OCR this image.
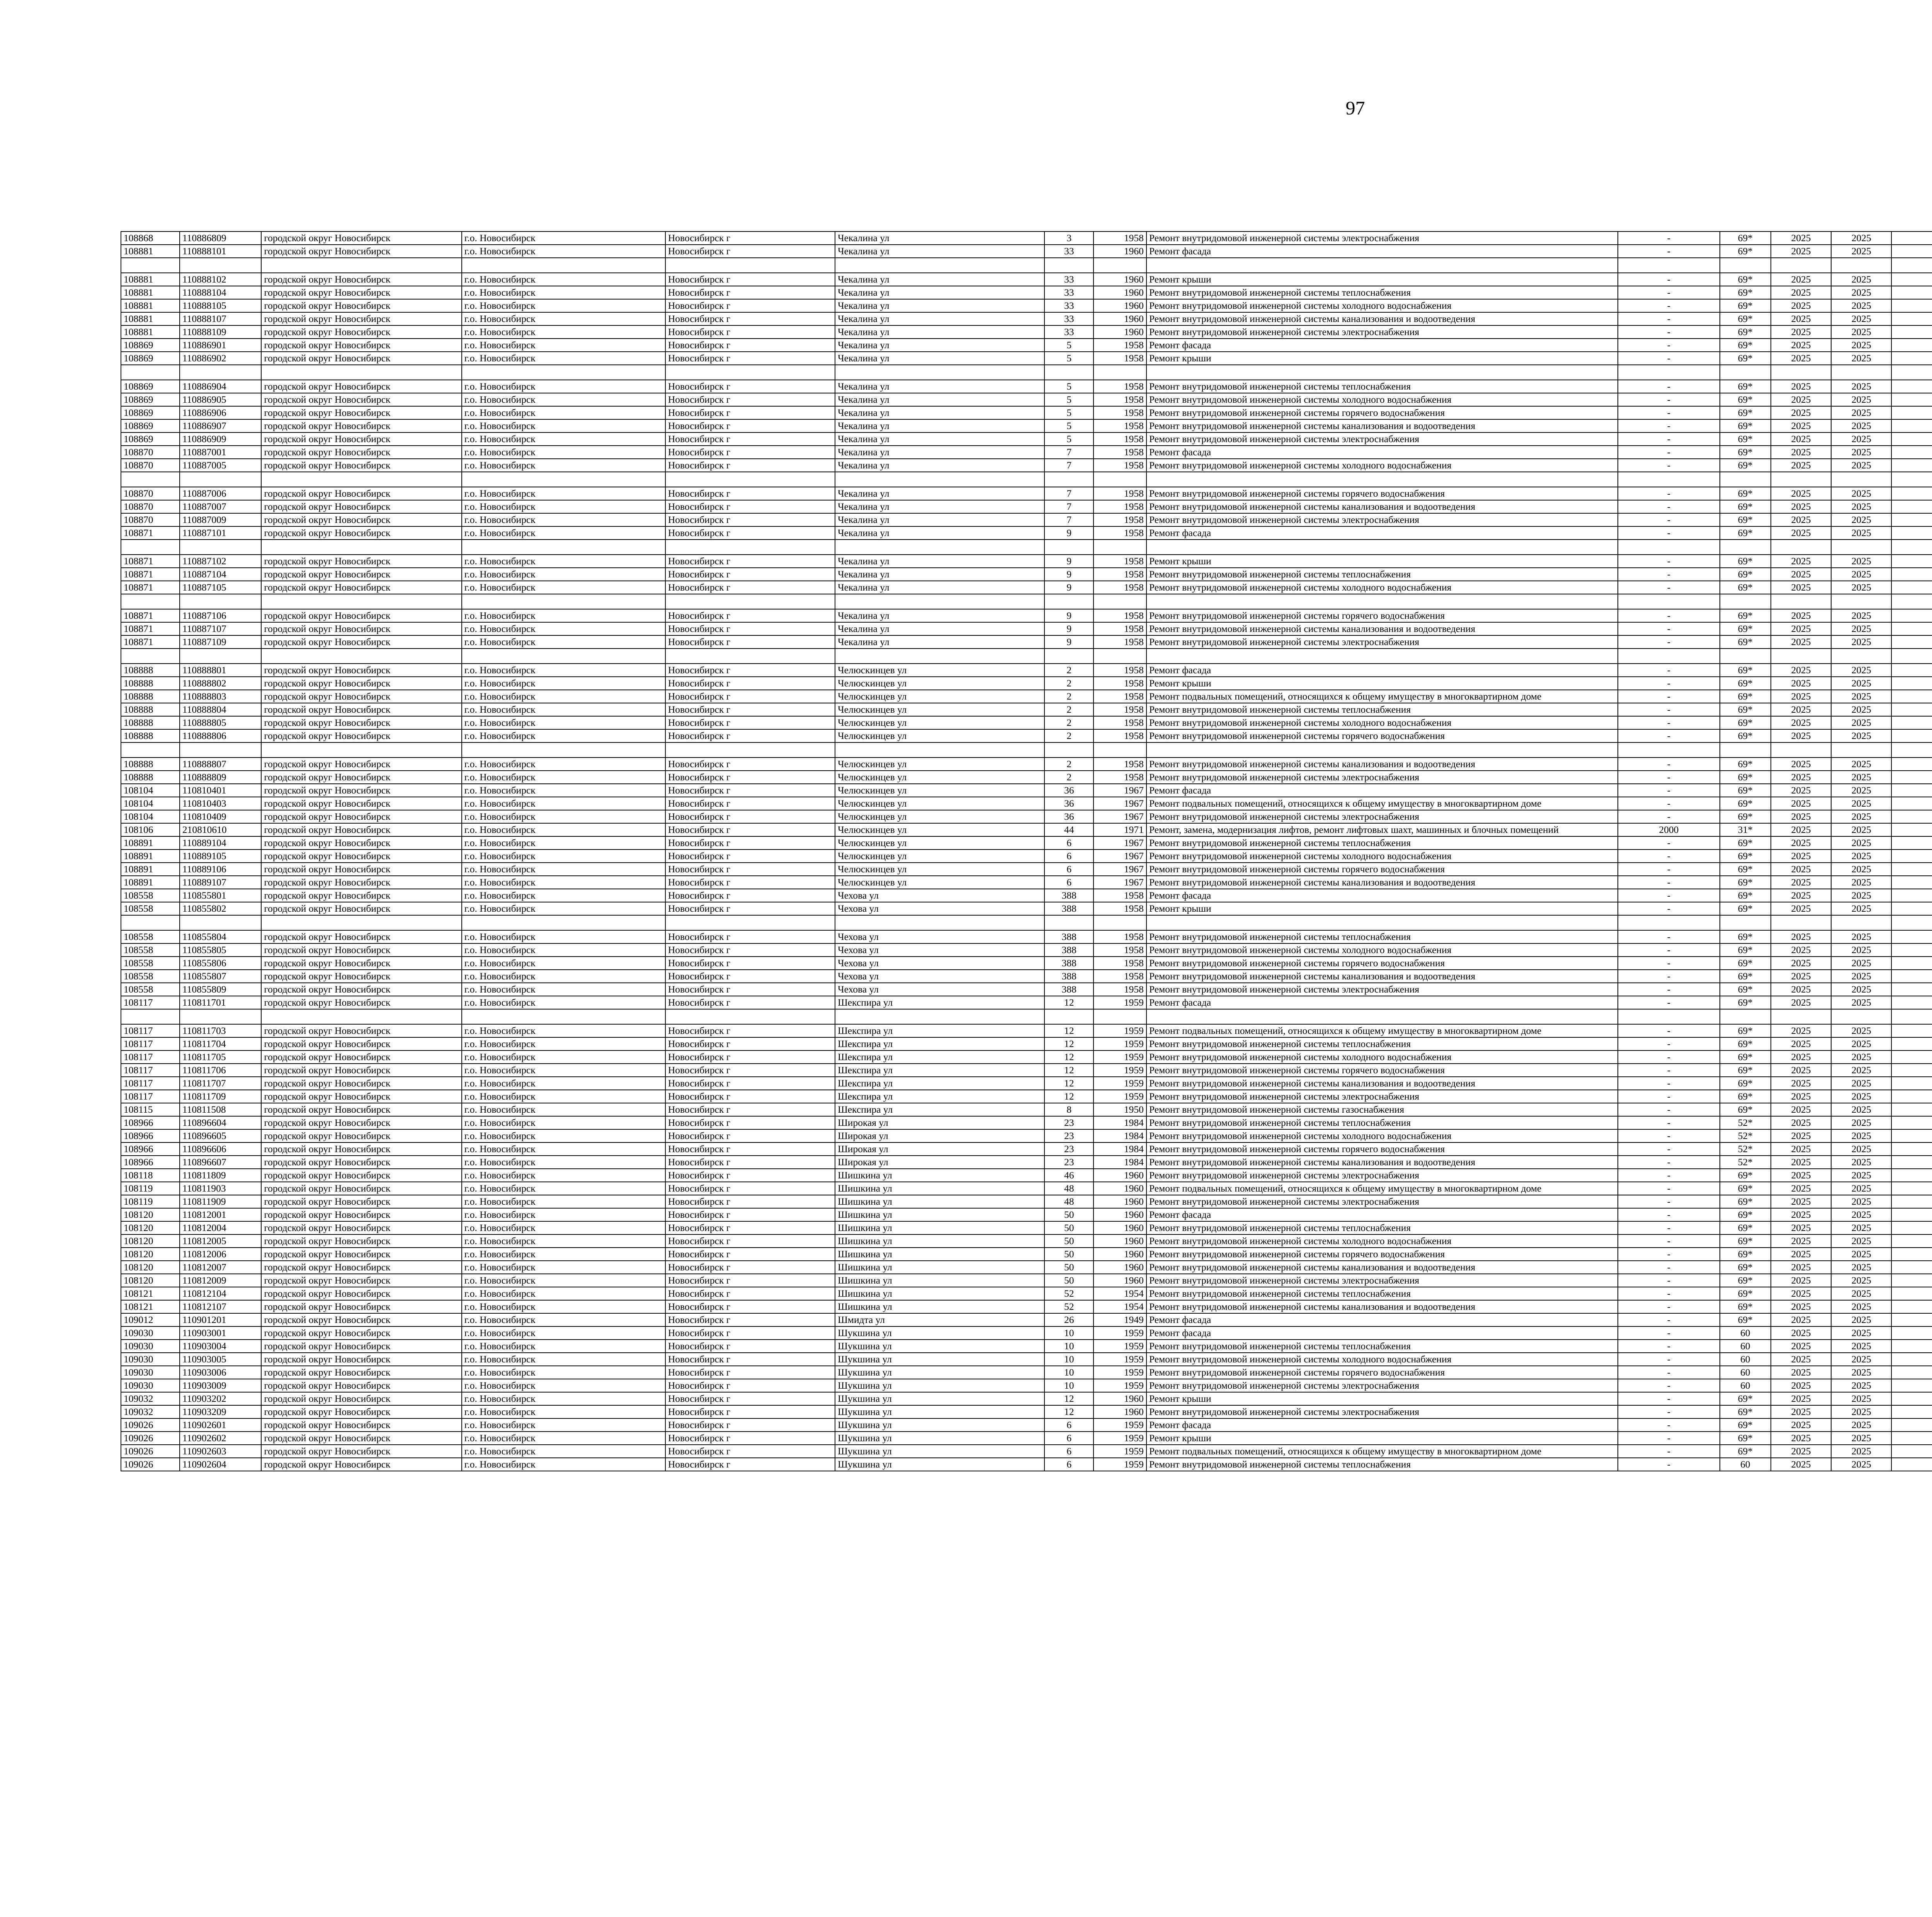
97
108868	110886809	городской округ Новосибирск	г.о. Новосибирск	Новосибирск г	Чекалина ул	3	1958	Ремонт внутридомовой инженерной системы электроснабжения	-	69*	2025	2025							
108881	110888101	городской округ Новосибирск	г.о. Новосибирск	Новосибирск г	Чекалина ул	33	1960	Ремонт фасада	-	69*	2025	2025							

108881	110888102	городской округ Новосибирск	г.о. Новосибирск	Новосибирск г	Чекалина ул	33	1960	Ремонт крыши	-	69*	2025	2025							
108881	110888104	городской округ Новосибирск	г.о. Новосибирск	Новосибирск г	Чекалина ул	33	1960	Ремонт внутридомовой инженерной системы теплоснабжения	-	69*	2025	2025							
108881	110888105	городской округ Новосибирск	г.о. Новосибирск	Новосибирск г	Чекалина ул	33	1960	Ремонт внутридомовой инженерной системы холодного водоснабжения	-	69*	2025	2025							
108881	110888107	городской округ Новосибирск	г.о. Новосибирск	Новосибирск г	Чекалина ул	33	1960	Ремонт внутридомовой инженерной системы канализования и водоотведения	-	69*	2025	2025							
108881	110888109	городской округ Новосибирск	г.о. Новосибирск	Новосибирск г	Чекалина ул	33	1960	Ремонт внутридомовой инженерной системы электроснабжения	-	69*	2025	2025							
108869	110886901	городской округ Новосибирск	г.о. Новосибирск	Новосибирск г	Чекалина ул	5	1958	Ремонт фасада	-	69*	2025	2025							
108869	110886902	городской округ Новосибирск	г.о. Новосибирск	Новосибирск г	Чекалина ул	5	1958	Ремонт крыши	-	69*	2025	2025							

108869	110886904	городской округ Новосибирск	г.о. Новосибирск	Новосибирск г	Чекалина ул	5	1958	Ремонт внутридомовой инженерной системы теплоснабжения	-	69*	2025	2025							
108869	110886905	городской округ Новосибирск	г.о. Новосибирск	Новосибирск г	Чекалина ул	5	1958	Ремонт внутридомовой инженерной системы холодного водоснабжения	-	69*	2025	2025							
108869	110886906	городской округ Новосибирск	г.о. Новосибирск	Новосибирск г	Чекалина ул	5	1958	Ремонт внутридомовой инженерной системы горячего водоснабжения	-	69*	2025	2025							
108869	110886907	городской округ Новосибирск	г.о. Новосибирск	Новосибирск г	Чекалина ул	5	1958	Ремонт внутридомовой инженерной системы канализования и водоотведения	-	69*	2025	2025							
108869	110886909	городской округ Новосибирск	г.о. Новосибирск	Новосибирск г	Чекалина ул	5	1958	Ремонт внутридомовой инженерной системы электроснабжения	-	69*	2025	2025							
108870	110887001	городской округ Новосибирск	г.о. Новосибирск	Новосибирск г	Чекалина ул	7	1958	Ремонт фасада	-	69*	2025	2025							
108870	110887005	городской округ Новосибирск	г.о. Новосибирск	Новосибирск г	Чекалина ул	7	1958	Ремонт внутридомовой инженерной системы холодного водоснабжения	-	69*	2025	2025							

108870	110887006	городской округ Новосибирск	г.о. Новосибирск	Новосибирск г	Чекалина ул	7	1958	Ремонт внутридомовой инженерной системы горячего водоснабжения	-	69*	2025	2025							
108870	110887007	городской округ Новосибирск	г.о. Новосибирск	Новосибирск г	Чекалина ул	7	1958	Ремонт внутридомовой инженерной системы канализования и водоотведения	-	69*	2025	2025							
108870	110887009	городской округ Новосибирск	г.о. Новосибирск	Новосибирск г	Чекалина ул	7	1958	Ремонт внутридомовой инженерной системы электроснабжения	-	69*	2025	2025							
108871	110887101	городской округ Новосибирск	г.о. Новосибирск	Новосибирск г	Чекалина ул	9	1958	Ремонт фасада	-	69*	2025	2025							

108871	110887102	городской округ Новосибирск	г.о. Новосибирск	Новосибирск г	Чекалина ул	9	1958	Ремонт крыши	-	69*	2025	2025							
108871	110887104	городской округ Новосибирск	г.о. Новосибирск	Новосибирск г	Чекалина ул	9	1958	Ремонт внутридомовой инженерной системы теплоснабжения	-	69*	2025	2025							
108871	110887105	городской округ Новосибирск	г.о. Новосибирск	Новосибирск г	Чекалина ул	9	1958	Ремонт внутридомовой инженерной системы холодного водоснабжения	-	69*	2025	2025							

108871	110887106	городской округ Новосибирск	г.о. Новосибирск	Новосибирск г	Чекалина ул	9	1958	Ремонт внутридомовой инженерной системы горячего водоснабжения	-	69*	2025	2025							
108871	110887107	городской округ Новосибирск	г.о. Новосибирск	Новосибирск г	Чекалина ул	9	1958	Ремонт внутридомовой инженерной системы канализования и водоотведения	-	69*	2025	2025							
108871	110887109	городской округ Новосибирск	г.о. Новосибирск	Новосибирск г	Чекалина ул	9	1958	Ремонт внутридомовой инженерной системы электроснабжения	-	69*	2025	2025							

108888	110888801	городской округ Новосибирск	г.о. Новосибирск	Новосибирск г	Челюскинцев ул	2	1958	Ремонт фасада	-	69*	2025	2025							
108888	110888802	городской округ Новосибирск	г.о. Новосибирск	Новосибирск г	Челюскинцев ул	2	1958	Ремонт крыши	-	69*	2025	2025							
108888	110888803	городской округ Новосибирск	г.о. Новосибирск	Новосибирск г	Челюскинцев ул	2	1958	Ремонт подвальных помещений, относящихся к общему имуществу в многоквартирном доме	-	69*	2025	2025							
108888	110888804	городской округ Новосибирск	г.о. Новосибирск	Новосибирск г	Челюскинцев ул	2	1958	Ремонт внутридомовой инженерной системы теплоснабжения	-	69*	2025	2025							
108888	110888805	городской округ Новосибирск	г.о. Новосибирск	Новосибирск г	Челюскинцев ул	2	1958	Ремонт внутридомовой инженерной системы холодного водоснабжения	-	69*	2025	2025							
108888	110888806	городской округ Новосибирск	г.о. Новосибирск	Новосибирск г	Челюскинцев ул	2	1958	Ремонт внутридомовой инженерной системы горячего водоснабжения	-	69*	2025	2025							

108888	110888807	городской округ Новосибирск	г.о. Новосибирск	Новосибирск г	Челюскинцев ул	2	1958	Ремонт внутридомовой инженерной системы канализования и водоотведения	-	69*	2025	2025							
108888	110888809	городской округ Новосибирск	г.о. Новосибирск	Новосибирск г	Челюскинцев ул	2	1958	Ремонт внутридомовой инженерной системы электроснабжения	-	69*	2025	2025							
108104	110810401	городской округ Новосибирск	г.о. Новосибирск	Новосибирск г	Челюскинцев ул	36	1967	Ремонт фасада	-	69*	2025	2025							
108104	110810403	городской округ Новосибирск	г.о. Новосибирск	Новосибирск г	Челюскинцев ул	36	1967	Ремонт подвальных помещений, относящихся к общему имуществу в многоквартирном доме	-	69*	2025	2025							
108104	110810409	городской округ Новосибирск	г.о. Новосибирск	Новосибирск г	Челюскинцев ул	36	1967	Ремонт внутридомовой инженерной системы электроснабжения	-	69*	2025	2025							
108106	210810610	городской округ Новосибирск	г.о. Новосибирск	Новосибирск г	Челюскинцев ул	44	1971	Ремонт, замена, модернизация лифтов, ремонт лифтовых шахт, машинных и блочных помещений	2000	31*	2025	2025							
108891	110889104	городской округ Новосибирск	г.о. Новосибирск	Новосибирск г	Челюскинцев ул	6	1967	Ремонт внутридомовой инженерной системы теплоснабжения	-	69*	2025	2025							
108891	110889105	городской округ Новосибирск	г.о. Новосибирск	Новосибирск г	Челюскинцев ул	6	1967	Ремонт внутридомовой инженерной системы холодного водоснабжения	-	69*	2025	2025							
108891	110889106	городской округ Новосибирск	г.о. Новосибирск	Новосибирск г	Челюскинцев ул	6	1967	Ремонт внутридомовой инженерной системы горячего водоснабжения	-	69*	2025	2025							
108891	110889107	городской округ Новосибирск	г.о. Новосибирск	Новосибирск г	Челюскинцев ул	6	1967	Ремонт внутридомовой инженерной системы канализования и водоотведения	-	69*	2025	2025							
108558	110855801	городской округ Новосибирск	г.о. Новосибирск	Новосибирск г	Чехова ул	388	1958	Ремонт фасада	-	69*	2025	2025							
108558	110855802	городской округ Новосибирск	г.о. Новосибирск	Новосибирск г	Чехова ул	388	1958	Ремонт крыши	-	69*	2025	2025							

108558	110855804	городской округ Новосибирск	г.о. Новосибирск	Новосибирск г	Чехова ул	388	1958	Ремонт внутридомовой инженерной системы теплоснабжения	-	69*	2025	2025							
108558	110855805	городской округ Новосибирск	г.о. Новосибирск	Новосибирск г	Чехова ул	388	1958	Ремонт внутридомовой инженерной системы холодного водоснабжения	-	69*	2025	2025							
108558	110855806	городской округ Новосибирск	г.о. Новосибирск	Новосибирск г	Чехова ул	388	1958	Ремонт внутридомовой инженерной системы горячего водоснабжения	-	69*	2025	2025							
108558	110855807	городской округ Новосибирск	г.о. Новосибирск	Новосибирск г	Чехова ул	388	1958	Ремонт внутридомовой инженерной системы канализования и водоотведения	-	69*	2025	2025							
108558	110855809	городской округ Новосибирск	г.о. Новосибирск	Новосибирск г	Чехова ул	388	1958	Ремонт внутридомовой инженерной системы электроснабжения	-	69*	2025	2025							
108117	110811701	городской округ Новосибирск	г.о. Новосибирск	Новосибирск г	Шекспира ул	12	1959	Ремонт фасада	-	69*	2025	2025							

108117	110811703	городской округ Новосибирск	г.о. Новосибирск	Новосибирск г	Шекспира ул	12	1959	Ремонт подвальных помещений, относящихся к общему имуществу в многоквартирном доме	-	69*	2025	2025							
108117	110811704	городской округ Новосибирск	г.о. Новосибирск	Новосибирск г	Шекспира ул	12	1959	Ремонт внутридомовой инженерной системы теплоснабжения	-	69*	2025	2025							
108117	110811705	городской округ Новосибирск	г.о. Новосибирск	Новосибирск г	Шекспира ул	12	1959	Ремонт внутридомовой инженерной системы холодного водоснабжения	-	69*	2025	2025							
108117	110811706	городской округ Новосибирск	г.о. Новосибирск	Новосибирск г	Шекспира ул	12	1959	Ремонт внутридомовой инженерной системы горячего водоснабжения	-	69*	2025	2025							
108117	110811707	городской округ Новосибирск	г.о. Новосибирск	Новосибирск г	Шекспира ул	12	1959	Ремонт внутридомовой инженерной системы канализования и водоотведения	-	69*	2025	2025							
108117	110811709	городской округ Новосибирск	г.о. Новосибирск	Новосибирск г	Шекспира ул	12	1959	Ремонт внутридомовой инженерной системы электроснабжения	-	69*	2025	2025							
108115	110811508	городской округ Новосибирск	г.о. Новосибирск	Новосибирск г	Шекспира ул	8	1950	Ремонт внутридомовой инженерной системы газоснабжения	-	69*	2025	2025							
108966	110896604	городской округ Новосибирск	г.о. Новосибирск	Новосибирск г	Широкая ул	23	1984	Ремонт внутридомовой инженерной системы теплоснабжения	-	52*	2025	2025							
108966	110896605	городской округ Новосибирск	г.о. Новосибирск	Новосибирск г	Широкая ул	23	1984	Ремонт внутридомовой инженерной системы холодного водоснабжения	-	52*	2025	2025							
108966	110896606	городской округ Новосибирск	г.о. Новосибирск	Новосибирск г	Широкая ул	23	1984	Ремонт внутридомовой инженерной системы горячего водоснабжения	-	52*	2025	2025							
108966	110896607	городской округ Новосибирск	г.о. Новосибирск	Новосибирск г	Широкая ул	23	1984	Ремонт внутридомовой инженерной системы канализования и водоотведения	-	52*	2025	2025							
108118	110811809	городской округ Новосибирск	г.о. Новосибирск	Новосибирск г	Шишкина ул	46	1960	Ремонт внутридомовой инженерной системы электроснабжения	-	69*	2025	2025							
108119	110811903	городской округ Новосибирск	г.о. Новосибирск	Новосибирск г	Шишкина ул	48	1960	Ремонт подвальных помещений, относящихся к общему имуществу в многоквартирном доме	-	69*	2025	2025							
108119	110811909	городской округ Новосибирск	г.о. Новосибирск	Новосибирск г	Шишкина ул	48	1960	Ремонт внутридомовой инженерной системы электроснабжения	-	69*	2025	2025							
108120	110812001	городской округ Новосибирск	г.о. Новосибирск	Новосибирск г	Шишкина ул	50	1960	Ремонт фасада	-	69*	2025	2025							
108120	110812004	городской округ Новосибирск	г.о. Новосибирск	Новосибирск г	Шишкина ул	50	1960	Ремонт внутридомовой инженерной системы теплоснабжения	-	69*	2025	2025							
108120	110812005	городской округ Новосибирск	г.о. Новосибирск	Новосибирск г	Шишкина ул	50	1960	Ремонт внутридомовой инженерной системы холодного водоснабжения	-	69*	2025	2025							
108120	110812006	городской округ Новосибирск	г.о. Новосибирск	Новосибирск г	Шишкина ул	50	1960	Ремонт внутридомовой инженерной системы горячего водоснабжения	-	69*	2025	2025							
108120	110812007	городской округ Новосибирск	г.о. Новосибирск	Новосибирск г	Шишкина ул	50	1960	Ремонт внутридомовой инженерной системы канализования и водоотведения	-	69*	2025	2025							
108120	110812009	городской округ Новосибирск	г.о. Новосибирск	Новосибирск г	Шишкина ул	50	1960	Ремонт внутридомовой инженерной системы электроснабжения	-	69*	2025	2025							
108121	110812104	городской округ Новосибирск	г.о. Новосибирск	Новосибирск г	Шишкина ул	52	1954	Ремонт внутридомовой инженерной системы теплоснабжения	-	69*	2025	2025							
108121	110812107	городской округ Новосибирск	г.о. Новосибирск	Новосибирск г	Шишкина ул	52	1954	Ремонт внутридомовой инженерной системы канализования и водоотведения	-	69*	2025	2025							
109012	110901201	городской округ Новосибирск	г.о. Новосибирск	Новосибирск г	Шмидта ул	26	1949	Ремонт фасада	-	69*	2025	2025							
109030	110903001	городской округ Новосибирск	г.о. Новосибирск	Новосибирск г	Шукшина ул	10	1959	Ремонт фасада	-	60	2025	2025							
109030	110903004	городской округ Новосибирск	г.о. Новосибирск	Новосибирск г	Шукшина ул	10	1959	Ремонт внутридомовой инженерной системы теплоснабжения	-	60	2025	2025							
109030	110903005	городской округ Новосибирск	г.о. Новосибирск	Новосибирск г	Шукшина ул	10	1959	Ремонт внутридомовой инженерной системы холодного водоснабжения	-	60	2025	2025							
109030	110903006	городской округ Новосибирск	г.о. Новосибирск	Новосибирск г	Шукшина ул	10	1959	Ремонт внутридомовой инженерной системы горячего водоснабжения	-	60	2025	2025							
109030	110903009	городской округ Новосибирск	г.о. Новосибирск	Новосибирск г	Шукшина ул	10	1959	Ремонт внутридомовой инженерной системы электроснабжения	-	60	2025	2025							
109032	110903202	городской округ Новосибирск	г.о. Новосибирск	Новосибирск г	Шукшина ул	12	1960	Ремонт крыши	-	69*	2025	2025							
109032	110903209	городской округ Новосибирск	г.о. Новосибирск	Новосибирск г	Шукшина ул	12	1960	Ремонт внутридомовой инженерной системы электроснабжения	-	69*	2025	2025							
109026	110902601	городской округ Новосибирск	г.о. Новосибирск	Новосибирск г	Шукшина ул	6	1959	Ремонт фасада	-	69*	2025	2025							
109026	110902602	городской округ Новосибирск	г.о. Новосибирск	Новосибирск г	Шукшина ул	6	1959	Ремонт крыши	-	69*	2025	2025							
109026	110902603	городской округ Новосибирск	г.о. Новосибирск	Новосибирск г	Шукшина ул	6	1959	Ремонт подвальных помещений, относящихся к общему имуществу в многоквартирном доме	-	69*	2025	2025							
109026	110902604	городской округ Новосибирск	г.о. Новосибирск	Новосибирск г	Шукшина ул	6	1959	Ремонт внутридомовой инженерной системы теплоснабжения	-	60	2025	2025							
